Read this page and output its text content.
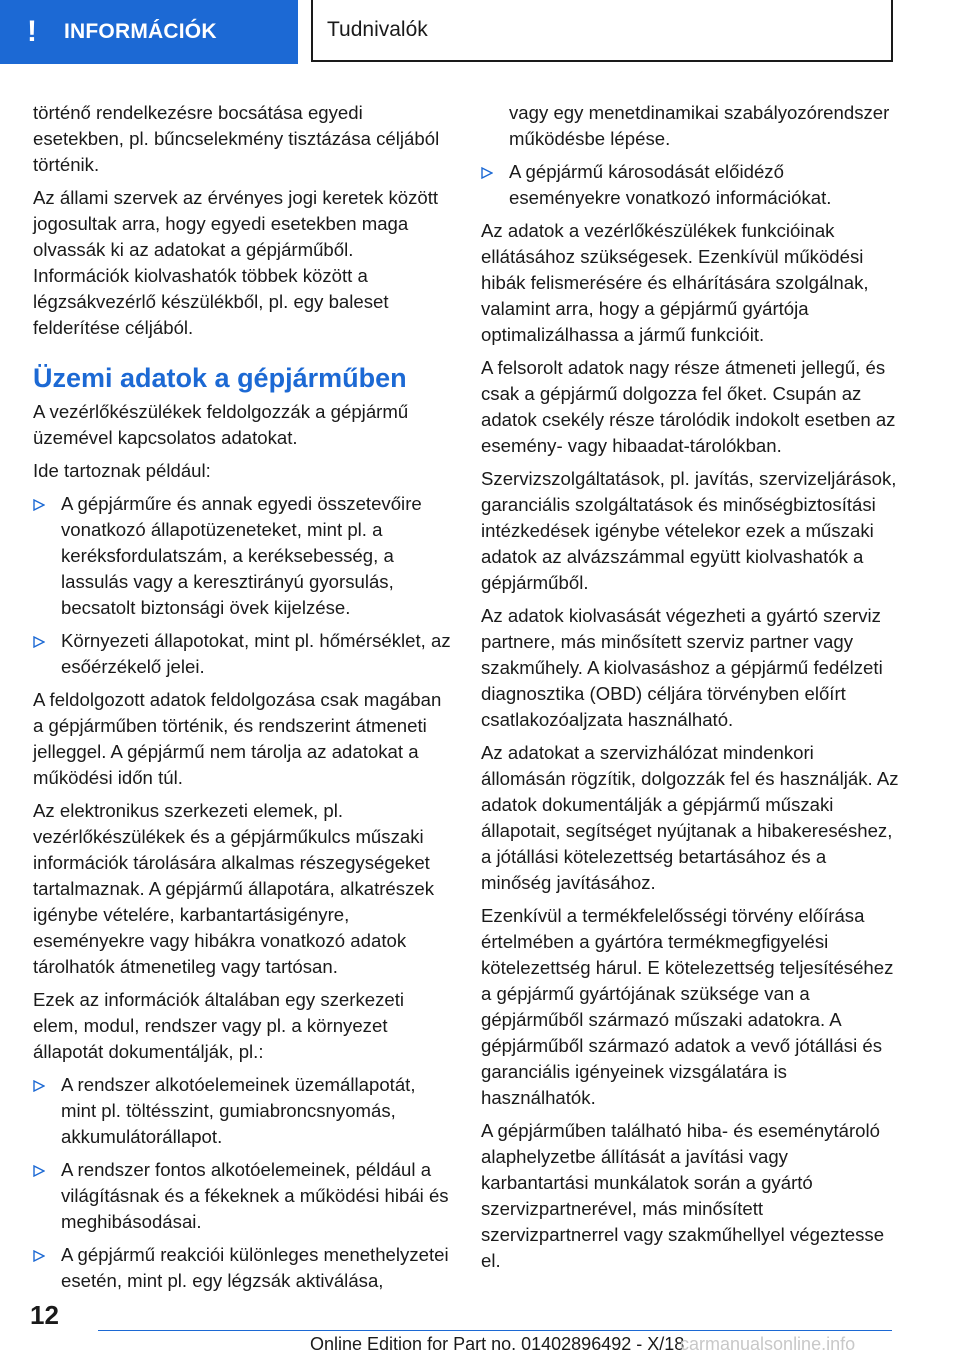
!	INFORMÁCIÓK	Tudnivalók

történő rendelkezésre bocsátása egyedi esetekben, pl. bűncselekmény tisztázása céljából történik.

Az állami szervek az érvényes jogi keretek között jogosultak arra, hogy egyedi esetekben maga olvassák ki az adatokat a gépjárműből. Információk kiolvashatók többek között a légzsákvezérlő készülékből, pl. egy baleset felderítése céljából.

Üzemi adatok a gépjárműben

A vezérlőkészülékek feldolgozzák a gépjármű üzemével kapcsolatos adatokat.

Ide tartoznak például:

A gépjárműre és annak egyedi összetevőire vonatkozó állapotüzeneteket, mint pl. a keréksfordulatszám, a keréksebesség, a lassulás vagy a keresztirányú gyorsulás, becsatolt biztonsági övek kijelzése.
Környezeti állapotokat, mint pl. hőmérséklet, az esőérzékelő jelei.

A feldolgozott adatok feldolgozása csak magában a gépjárműben történik, és rendszerint átmeneti jelleggel. A gépjármű nem tárolja az adatokat a működési időn túl.

Az elektronikus szerkezeti elemek, pl. vezérlőkészülékek és a gépjárműkulcs műszaki információk tárolására alkalmas részegységeket tartalmaznak. A gépjármű állapotára, alkatrészek igénybe vételére, karbantartásigényre, eseményekre vagy hibákra vonatkozó adatok tárolhatók átmenetileg vagy tartósan.

Ezek az információk általában egy szerkezeti elem, modul, rendszer vagy pl. a környezet állapotát dokumentálják, pl.:

A rendszer alkotóelemeinek üzemállapotát, mint pl. töltésszint, gumiabroncsnyomás, akkumulátorállapot.
A rendszer fontos alkotóelemeinek, például a világításnak és a fékeknek a működési hibái és meghibásodásai.
A gépjármű reakciói különleges menethelyzetei esetén, mint pl. egy légzsák aktiválása,
vagy egy menetdinamikai szabályozórendszer működésbe lépése.
A gépjármű károsodását előidéző eseményekre vonatkozó információkat.

Az adatok a vezérlőkészülékek funkcióinak ellátásához szükségesek. Ezenkívül működési hibák felismerésére és elhárítására szolgálnak, valamint arra, hogy a gépjármű gyártója optimalizálhassa a jármű funkcióit.

A felsorolt adatok nagy része átmeneti jellegű, és csak a gépjármű dolgozza fel őket. Csupán az adatok csekély része tárolódik indokolt esetben az esemény- vagy hibaadat-tárolókban.

Szervizszolgáltatások, pl. javítás, szervizeljárások, garanciális szolgáltatások és minőségbiztosítási intézkedések igénybe vételekor ezek a műszaki adatok az alvázszámmal együtt kiolvashatók a gépjárműből.

Az adatok kiolvasását végezheti a gyártó szerviz partnere, más minősített szerviz partner vagy szakműhely. A kiolvasáshoz a gépjármű fedélzeti diagnosztika (OBD) céljára törvényben előírt csatlakozóaljzata használható.

Az adatokat a szervizhálózat mindenkori állomásán rögzítik, dolgozzák fel és használják. Az adatok dokumentálják a gépjármű műszaki állapotait, segítséget nyújtanak a hibakereséshez, a jótállási kötelezettség betartásához és a minőség javításához.

Ezenkívül a termékfelelősségi törvény előírása értelmében a gyártóra termékmegfigyelési kötelezettség hárul. E kötelezettség teljesítéséhez a gépjármű gyártójának szüksége van a gépjárműből származó műszaki adatokra. A gépjárműből származó adatok a vevő jótállási és garanciális igényeinek vizsgálatára is használhatók.

A gépjárműben található hiba- és eseménytároló alaphelyzetbe állítását a javítási vagy karbantartási munkálatok során a gyártó szervizpartnerével, más minősített szervizpartnerrel vagy szakműhellyel végeztesse el.

12
Online Edition for Part no. 01402896492 - X/18
carmanualsonline.info
